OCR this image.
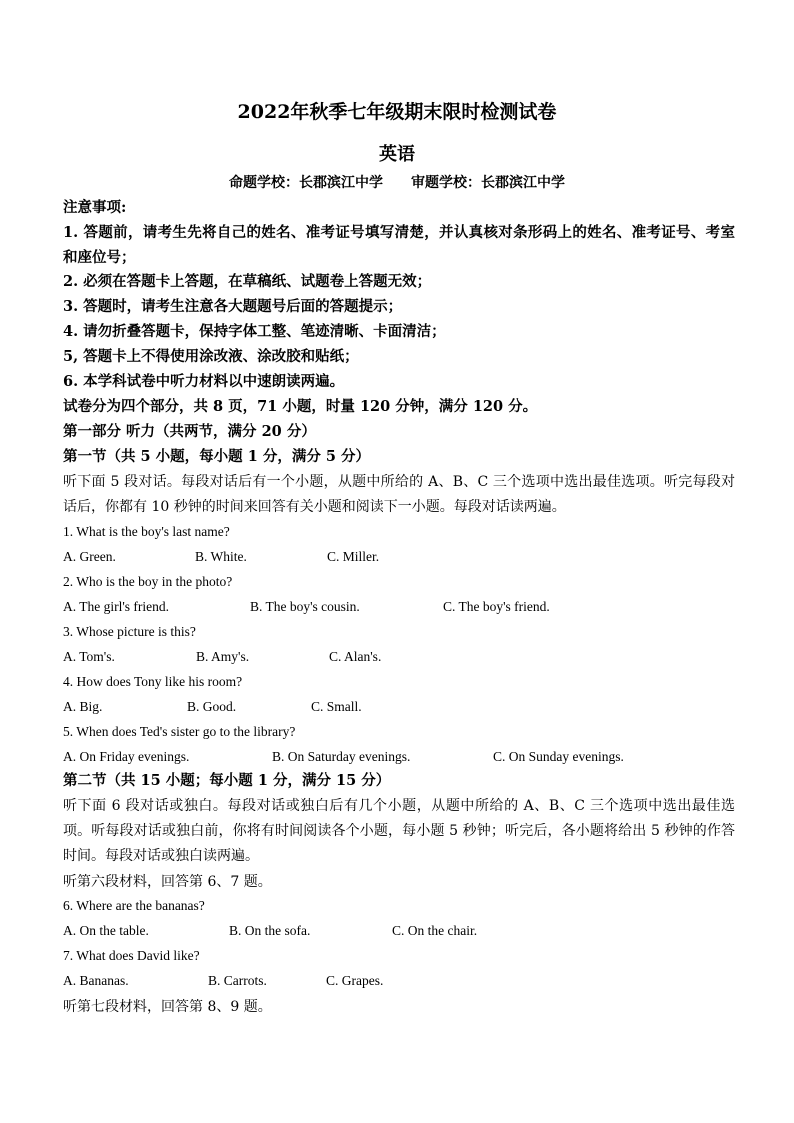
2022年秋季七年级期末限时检测试卷
英语
命题学校：长郡滨江中学　　审题学校：长郡滨江中学
注意事项:
1. 答题前，请考生先将自己的姓名、准考证号填写清楚，并认真核对条形码上的姓名、准考证号、考室和座位号；
2. 必须在答题卡上答题，在草稿纸、试题卷上答题无效；
3. 答题时，请考生注意各大题题号后面的答题提示；
4. 请勿折叠答题卡，保持字体工整、笔迹清晰、卡面清洁；
5, 答题卡上不得使用涂改液、涂改胶和贴纸；
6. 本学科试卷中听力材料以中速朗读两遍。
试卷分为四个部分，共 8 页，71 小题，时量 120 分钟，满分 120 分。
第一部分 听力（共两节，满分 20 分）
第一节（共 5 小题，每小题 1 分，满分 5 分）
听下面 5 段对话。每段对话后有一个小题，从题中所给的 A、B、C 三个选项中选出最佳选项。听完每段对话后，你都有 10 秒钟的时间来回答有关小题和阅读下一小题。每段对话读两遍。
1. What is the boy's last name?
A. Green.	B. White.	C. Miller.
2. Who is the boy in the photo?
A. The girl's friend.	B. The boy's cousin.	C. The boy's friend.
3. Whose picture is this?
A. Tom's.	B. Amy's.	C. Alan's.
4. How does Tony like his room?
A. Big.	B. Good.	C. Small.
5. When does Ted's sister go to the library?
A. On Friday evenings.	B. On Saturday evenings.	C. On Sunday evenings.
第二节（共 15 小题；每小题 1 分，满分 15 分）
听下面 6 段对话或独白。每段对话或独白后有几个小题，从题中所给的 A、B、C 三个选项中选出最佳选项。听每段对话或独白前，你将有时间阅读各个小题，每小题 5 秒钟；听完后，各小题将给出 5 秒钟的作答时间。每段对话或独白读两遍。
听第六段材料，回答第 6、7 题。
6. Where are the bananas?
A. On the table.	B. On the sofa.	C. On the chair.
7. What does David like?
A. Bananas.	B. Carrots.	C. Grapes.
听第七段材料，回答第 8、9 题。
